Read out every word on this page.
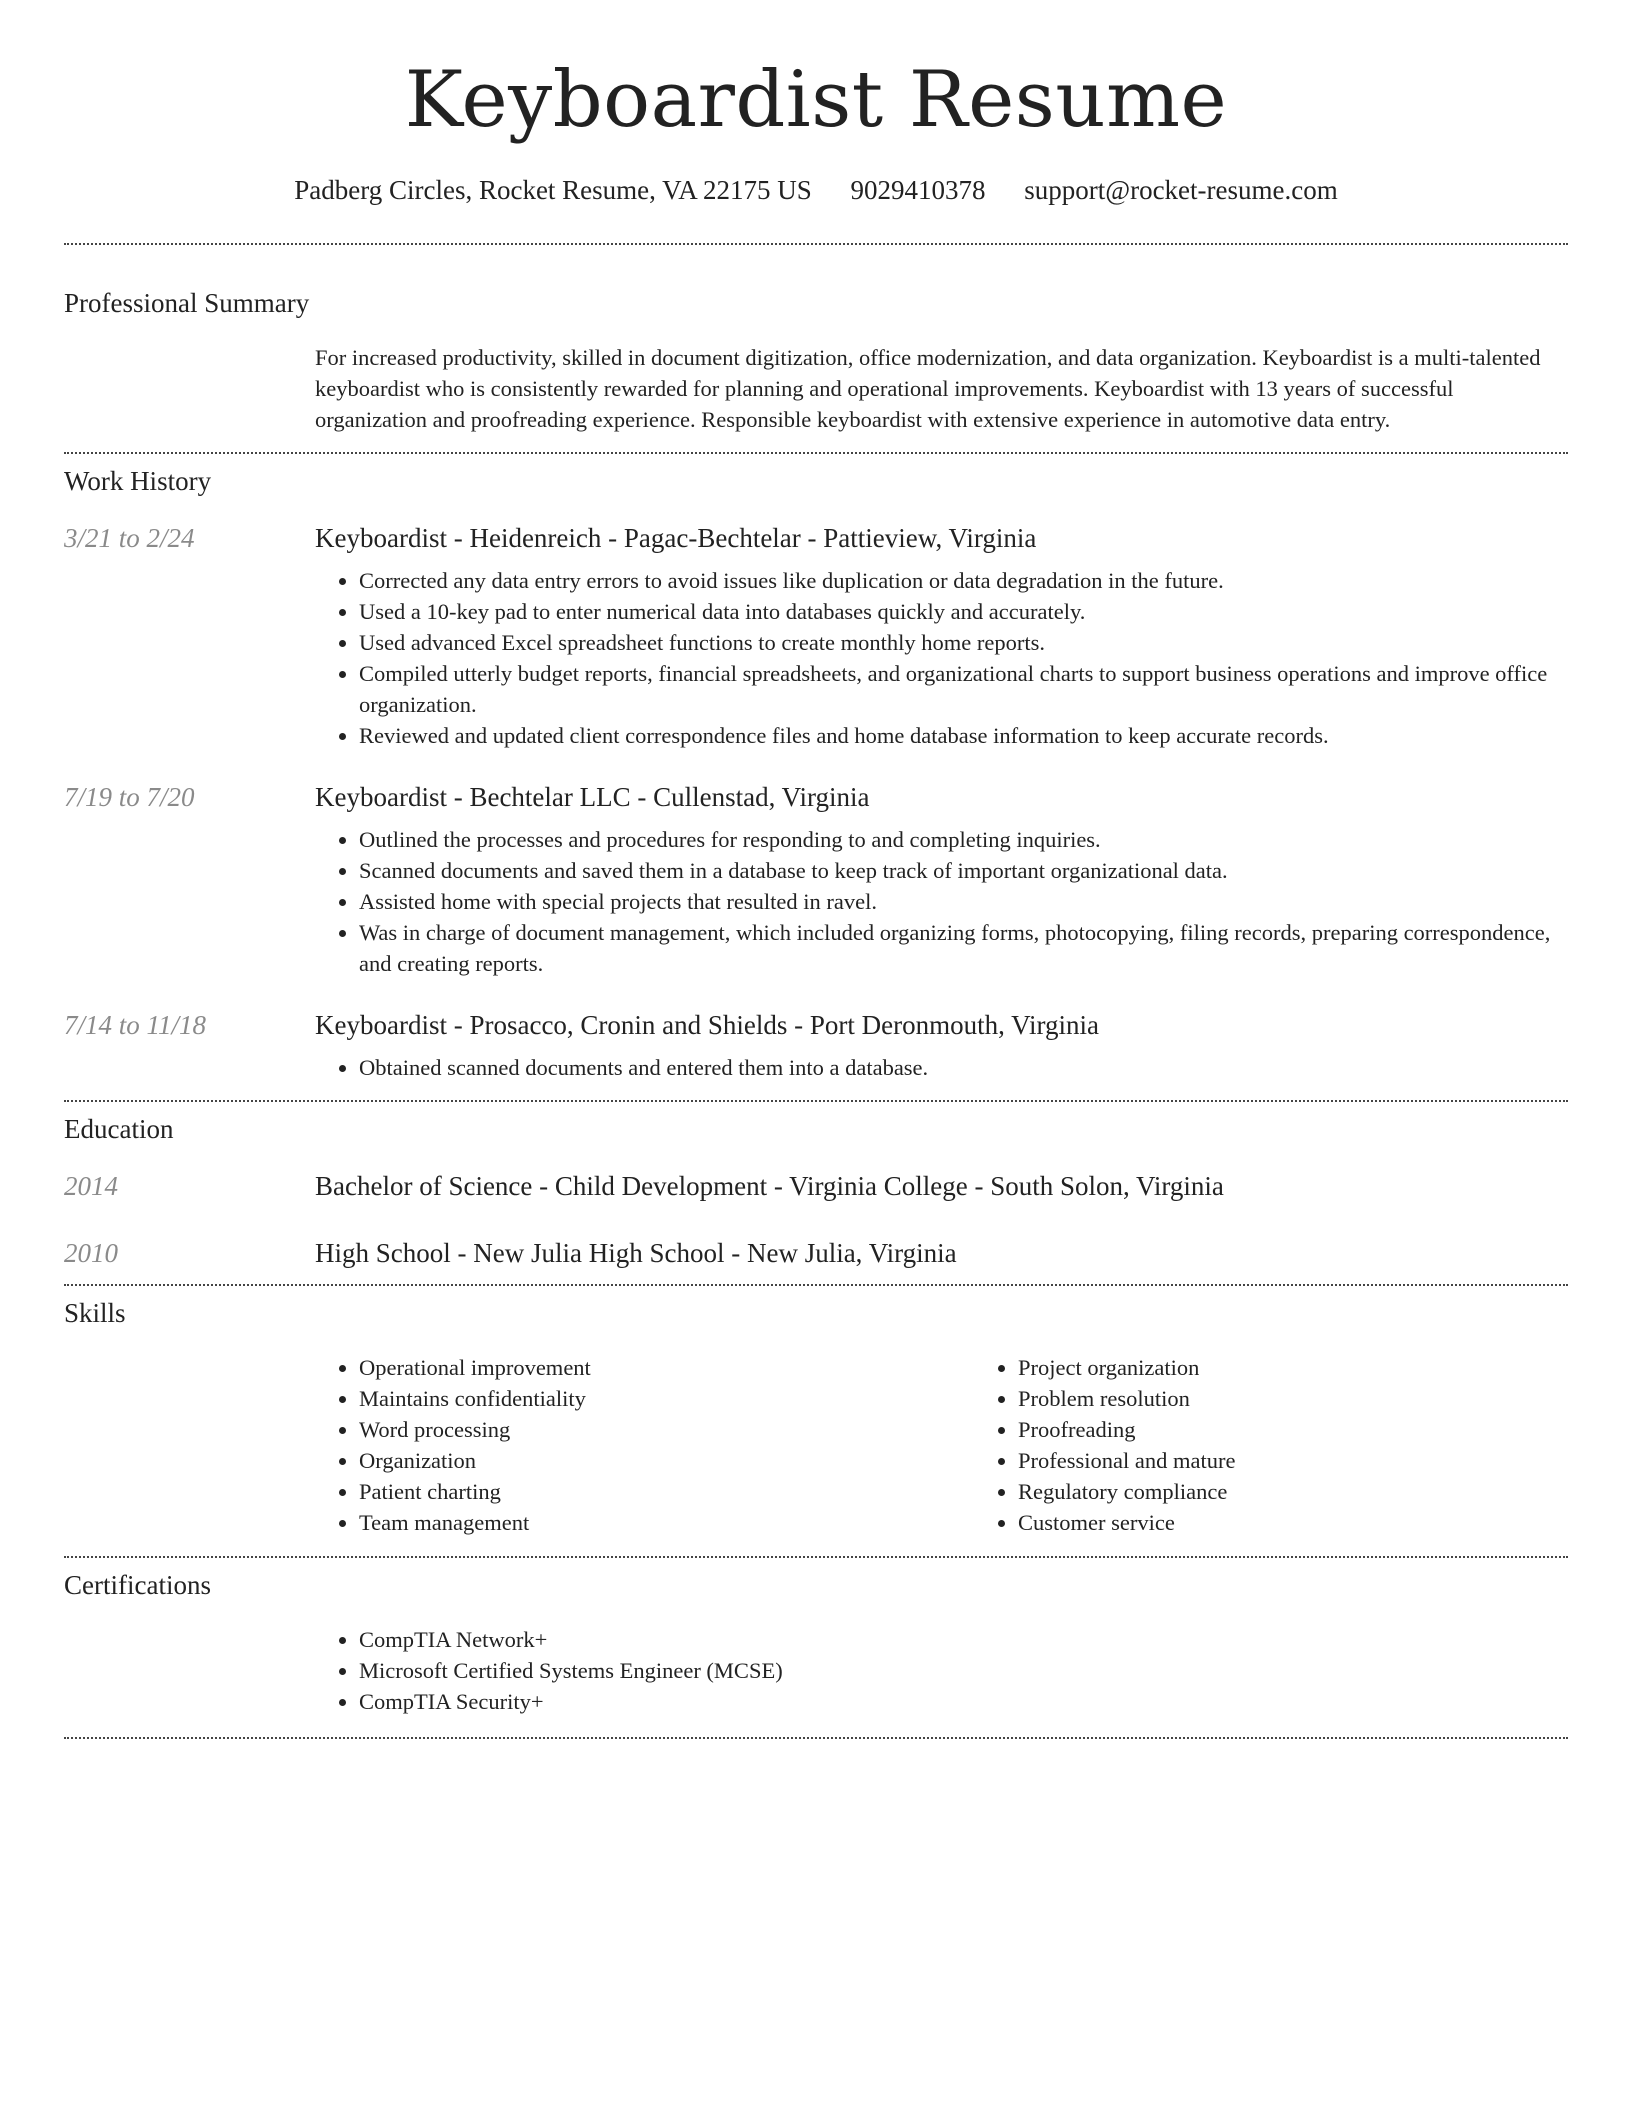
Keyboardist Resume
Padberg Circles, Rocket Resume, VA 22175 US 9029410378 support@rocket-resume.com
Professional Summary

For increased productivity, skilled in document digitization, office modernization, and data organization. Keyboardist is a multi-talented keyboardist who is consistently rewarded for planning and operational improvements. Keyboardist with 13 years of successful organization and proofreading experience. Responsible keyboardist with extensive experience in automotive data entry.

Work History
3/21 to 2/24	Keyboardist - Heidenreich - Pagac-Bechtelar - Pattieview, Virginia
• Corrected any data entry errors to avoid issues like duplication or data degradation in the future.
• Used a 10-key pad to enter numerical data into databases quickly and accurately.
• Used advanced Excel spreadsheet functions to create monthly home reports.
• Compiled utterly budget reports, financial spreadsheets, and organizational charts to support business operations and improve office organization.
• Reviewed and updated client correspondence files and home database information to keep accurate records.
7/19 to 7/20	Keyboardist - Bechtelar LLC - Cullenstad, Virginia
• Outlined the processes and procedures for responding to and completing inquiries.
• Scanned documents and saved them in a database to keep track of important organizational data.
• Assisted home with special projects that resulted in ravel.
• Was in charge of document management, which included organizing forms, photocopying, filing records, preparing correspondence, and creating reports.
7/14 to 11/18	Keyboardist - Prosacco, Cronin and Shields - Port Deronmouth, Virginia
• Obtained scanned documents and entered them into a database.
Education
2014	Bachelor of Science - Child Development - Virginia College - South Solon, Virginia
2010	High School - New Julia High School - New Julia, Virginia
Skills
• Operational improvement
• Maintains confidentiality
• Word processing
• Organization
• Patient charting
• Team management
• Project organization
• Problem resolution
• Proofreading
• Professional and mature
• Regulatory compliance
• Customer service
Certifications
• CompTIA Network+
• Microsoft Certified Systems Engineer (MCSE)
• CompTIA Security+
